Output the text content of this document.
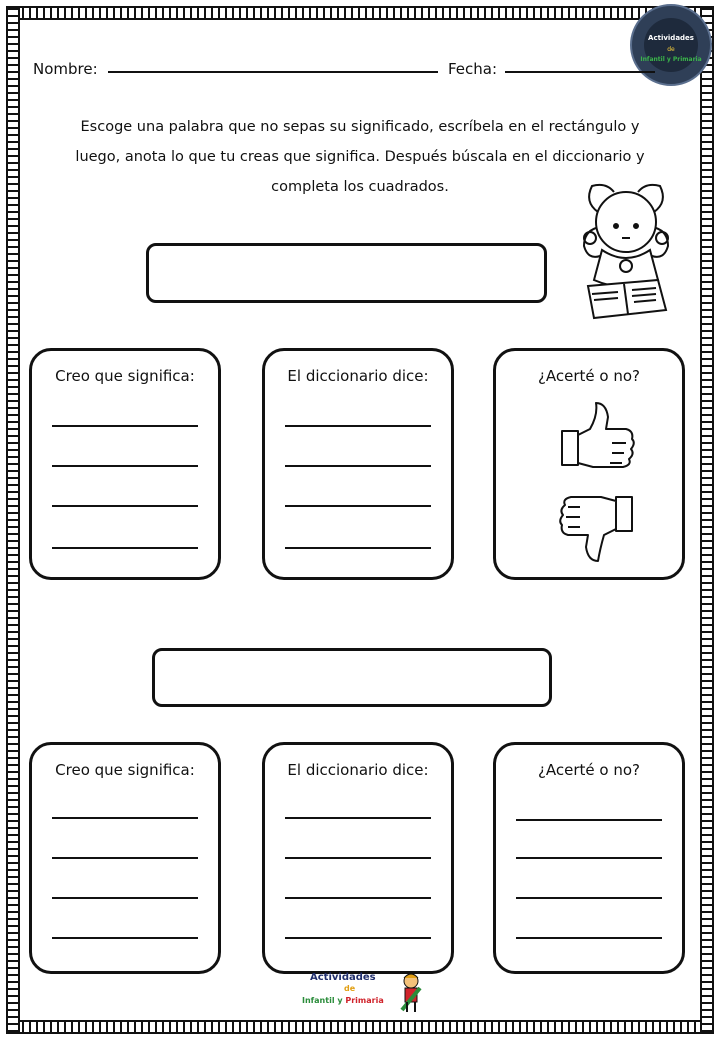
Actividades
de
Infantil y Primaria
Nombre:	Fecha:

Escoge una palabra que no sepas su significado, escríbela en el rectángulo y

luego, anota lo que tu creas que significa. Después búscala en el diccionario y

completa los cuadrados.

Creo que significa:	El diccionario dice:	¿Acerté o no?
Creo que significa:	El diccionario dice:	¿Acerté o no?
Actividades
de
Infantil y Primaria
